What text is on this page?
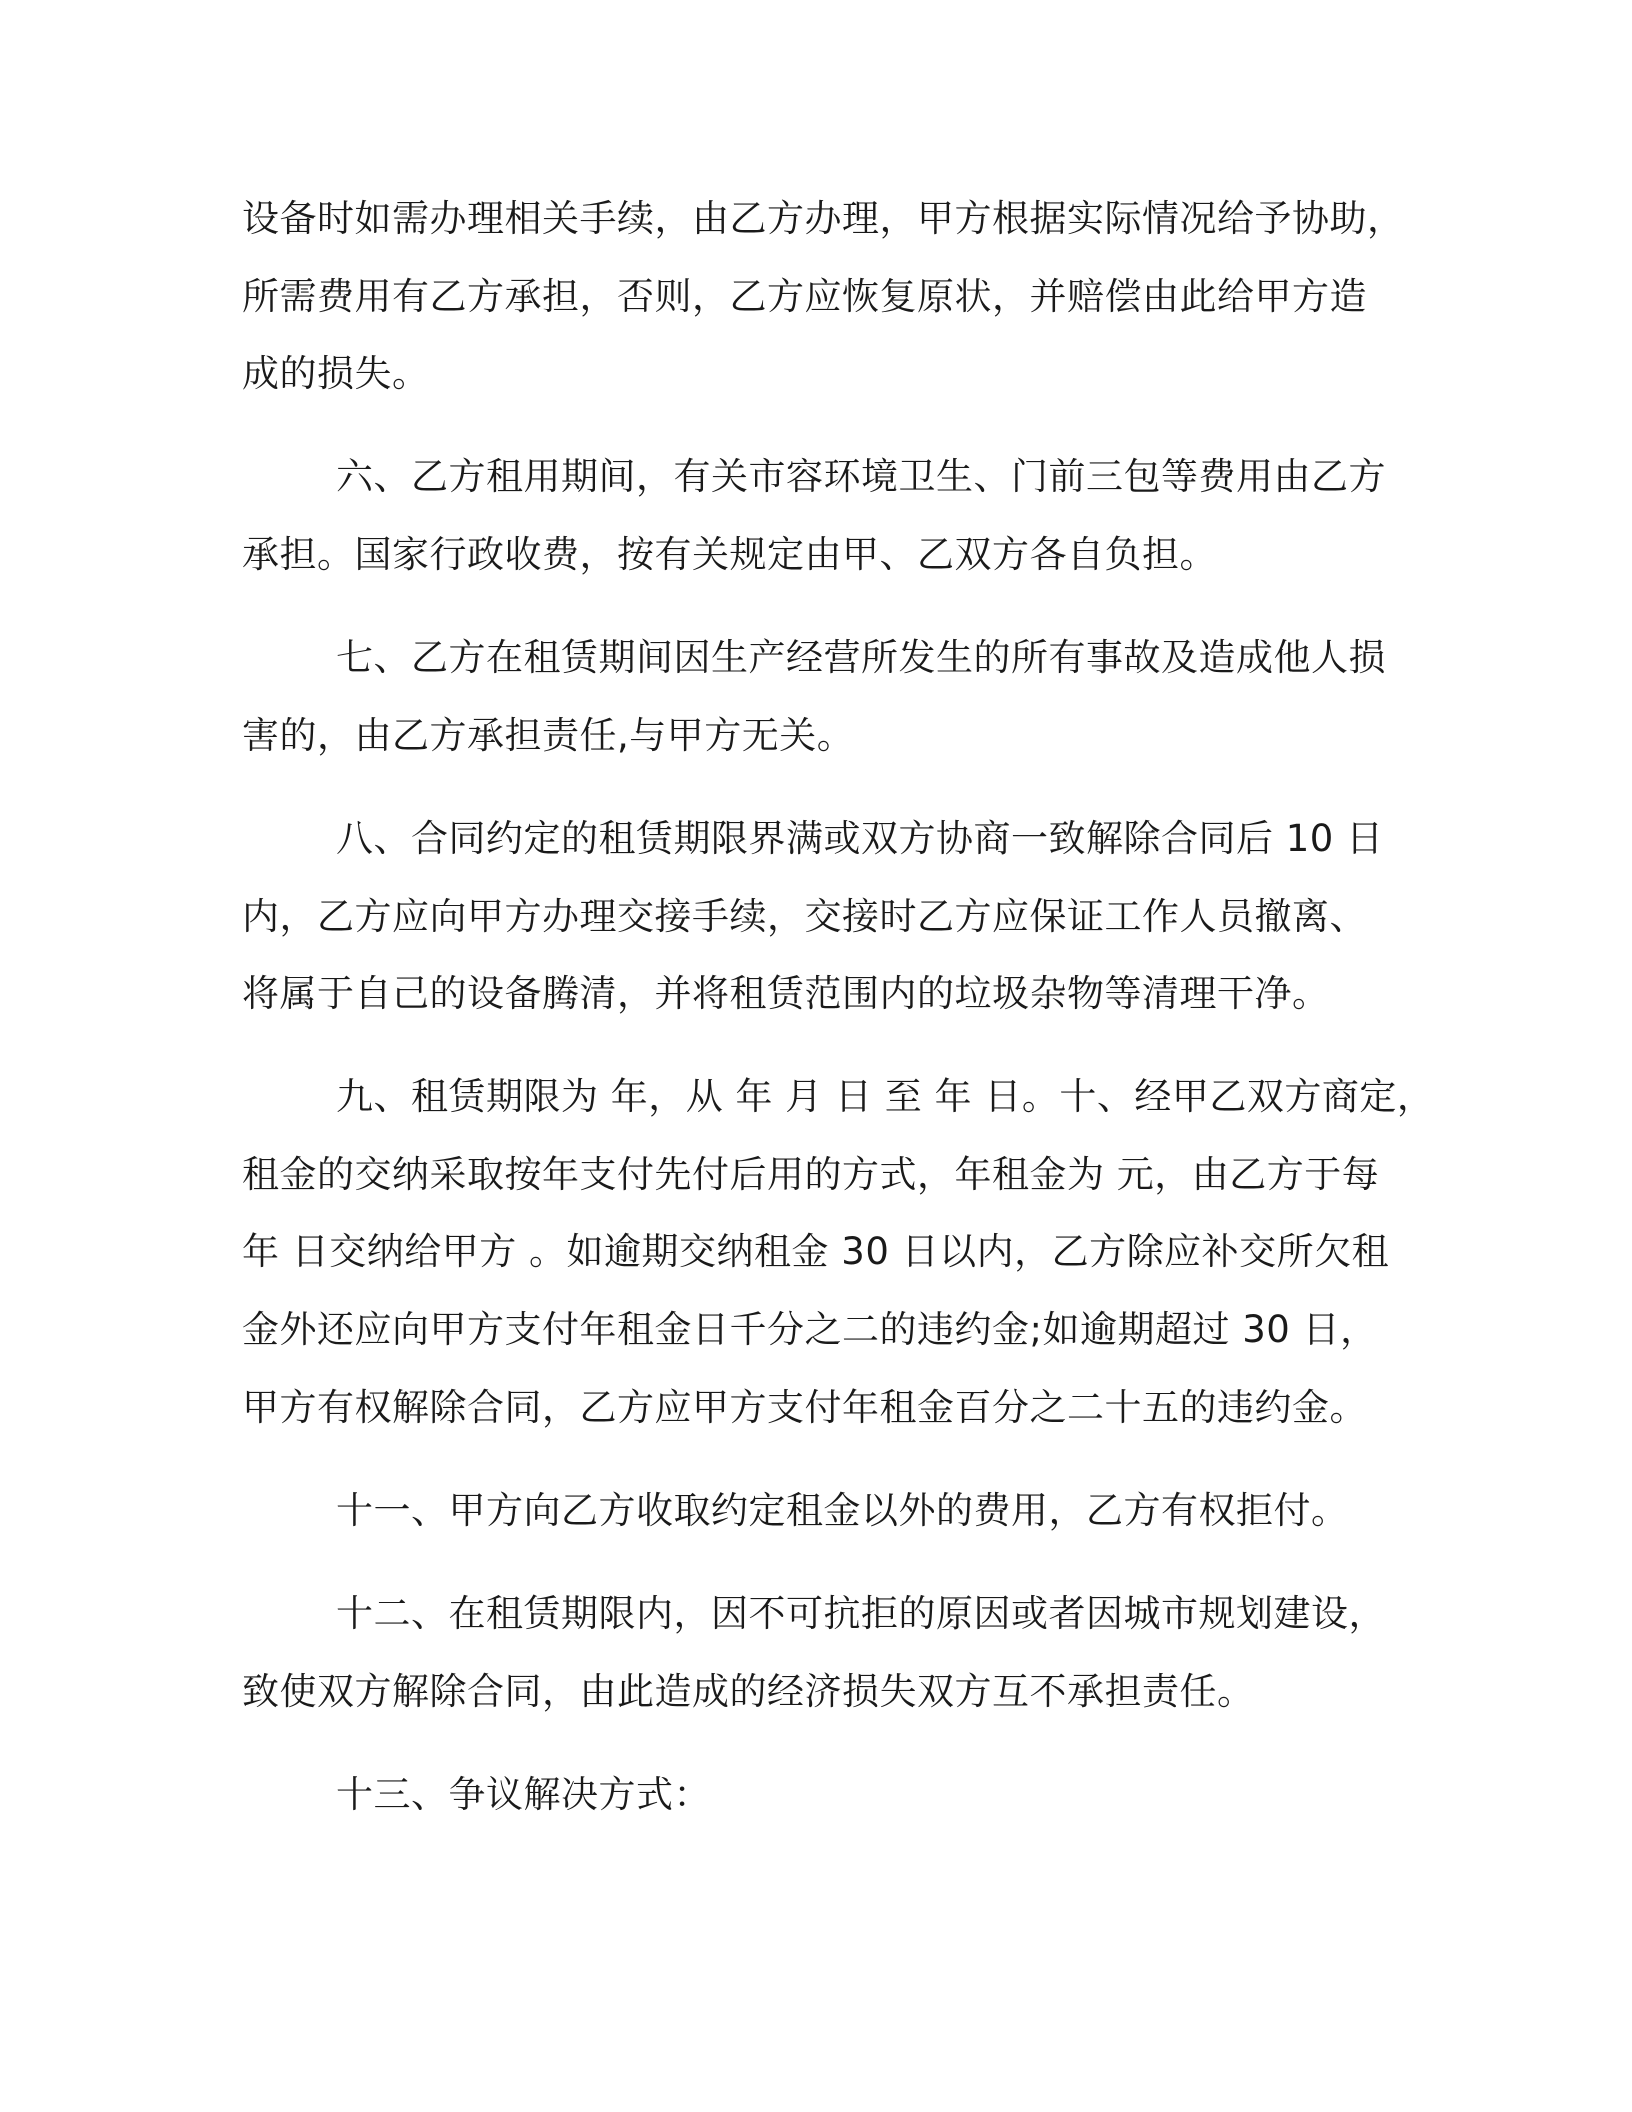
设备时如需办理相关手续，由乙方办理，甲方根据实际情况给予协助，

所需费用有乙方承担，否则，乙方应恢复原状，并赔偿由此给甲方造

成的损失。

六、乙方租用期间，有关市容环境卫生、门前三包等费用由乙方

承担。国家行政收费，按有关规定由甲、乙双方各自负担。

七、乙方在租赁期间因生产经营所发生的所有事故及造成他人损

害的，由乙方承担责任,与甲方无关。

八、合同约定的租赁期限界满或双方协商一致解除合同后 10 日

内，乙方应向甲方办理交接手续，交接时乙方应保证工作人员撤离、

将属于自己的设备腾清，并将租赁范围内的垃圾杂物等清理干净。

九、租赁期限为 年，从 年 月 日 至 年 日。十、经甲乙双方商定，

租金的交纳采取按年支付先付后用的方式，年租金为 元，由乙方于每

年 日交纳给甲方 。如逾期交纳租金 30 日以内，乙方除应补交所欠租

金外还应向甲方支付年租金日千分之二的违约金;如逾期超过 30 日，

甲方有权解除合同，乙方应甲方支付年租金百分之二十五的违约金。

十一、甲方向乙方收取约定租金以外的费用，乙方有权拒付。

十二、在租赁期限内，因不可抗拒的原因或者因城市规划建设，

致使双方解除合同，由此造成的经济损失双方互不承担责任。

十三、争议解决方式：
